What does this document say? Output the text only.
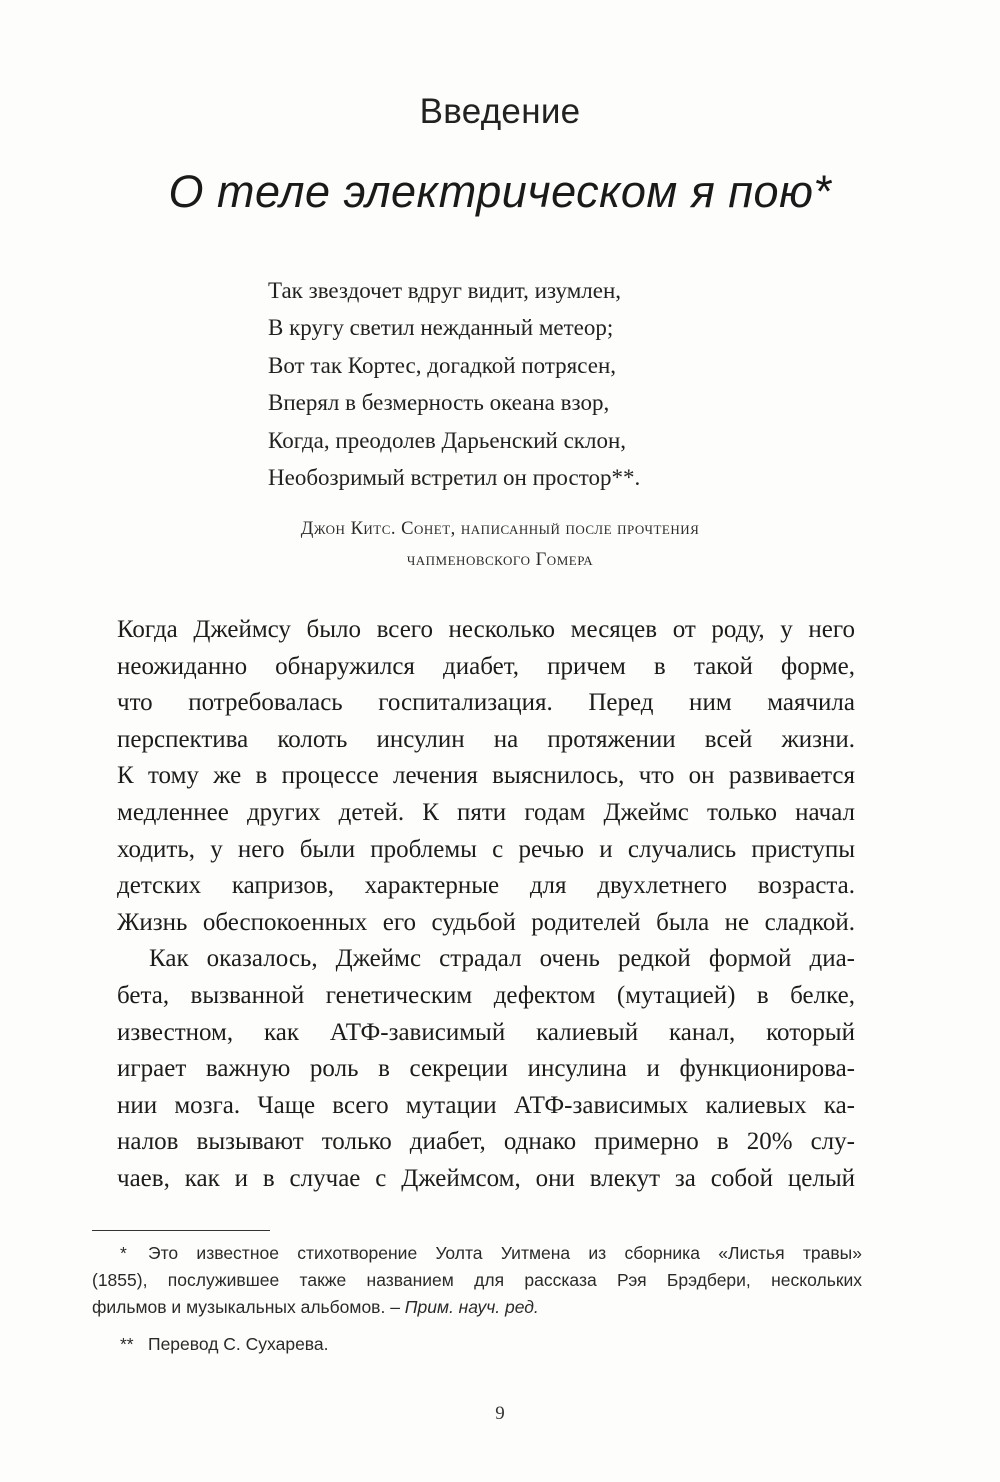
Введение
О теле электрическом я пою*
Так звездочет вдруг видит, изумлен,
В кругу светил нежданный метеор;
Вот так Кортес, догадкой потрясен,
Вперял в безмерность океана взор,
Когда, преодолев Дарьенский склон,
Необозримый встретил он простор**.
Джон Китс. Сонет, написанный после прочтения
чапменовского Гомера
Когда Джеймсу было всего несколько месяцев от роду, у него
неожиданно обнаружился диабет, причем в такой форме,
что потребовалась госпитализация. Перед ним маячила
перспектива колоть инсулин на протяжении всей жизни.
К тому же в процессе лечения выяснилось, что он развивается
медленнее других детей. К пяти годам Джеймс только начал
ходить, у него были проблемы с речью и случались приступы
детских капризов, характерные для двухлетнего возраста.
Жизнь обеспокоенных его судьбой родителей была не сладкой.
Как оказалось, Джеймс страдал очень редкой формой диа-
бета, вызванной генетическим дефектом (мутацией) в белке,
известном, как АТФ-зависимый калиевый канал, который
играет важную роль в секреции инсулина и функционирова-
нии мозга. Чаще всего мутации АТФ-зависимых калиевых ка-
налов вызывают только диабет, однако примерно в 20% слу-
чаев, как и в случае с Джеймсом, они влекут за собой целый
* Это известное стихотворение Уолта Уитмена из сборника «Листья травы»
(1855), послужившее также названием для рассказа Рэя Брэдбери, нескольких
фильмов и музыкальных альбомов. – Прим. науч. ред.
** Перевод С. Сухарева.
9
